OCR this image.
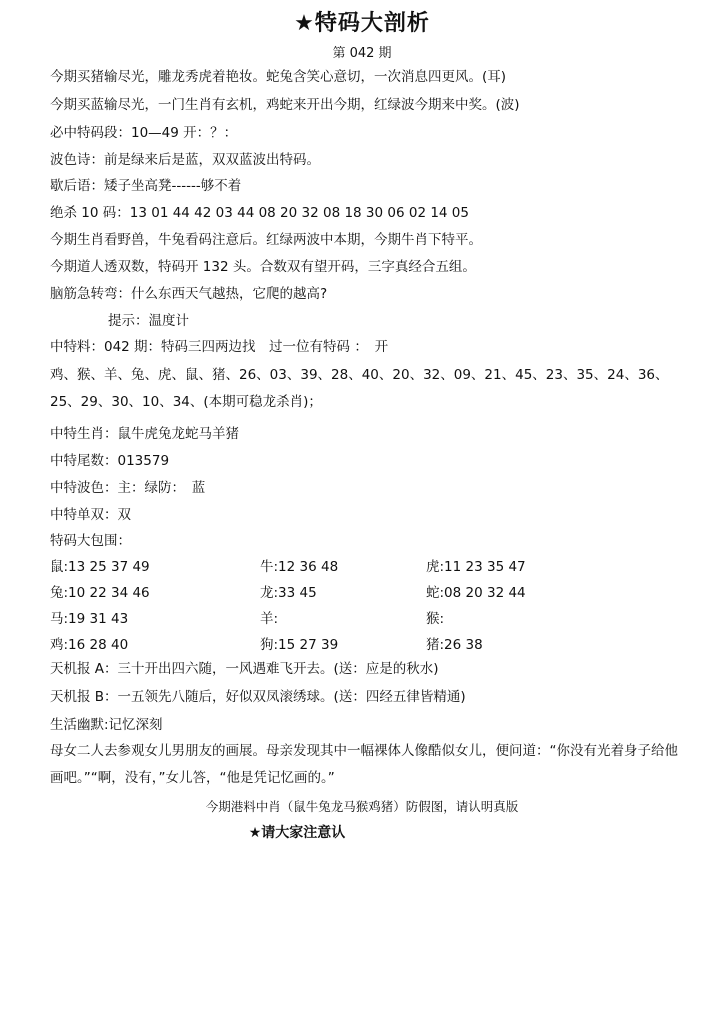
★特码大剖析
第 042 期
今期买猪输尽光，雕龙秀虎着艳妆。蛇兔含笑心意切，一次消息四更风。(耳)
今期买蓝输尽光，一门生肖有玄机，鸡蛇来开出今期，红绿波今期来中奖。(波)
必中特码段：10—49 开：？：
波色诗：前是绿来后是蓝，双双蓝波出特码。
歇后语：矮子坐高凳------够不着
绝杀 10 码：13 01 44 42 03 44 08 20 32 08 18 30 06 02 14 05
今期生肖看野兽，牛兔看码注意后。红绿两波中本期，今期牛肖下特平。
今期道人透双数，特码开 132 头。合数双有望开码，三字真经合五组。
脑筋急转弯：什么东西天气越热，它爬的越高?
提示：温度计
中特料：042 期：特码三四两边找　过一位有特码 ：　开
鸡、猴、羊、兔、虎、鼠、猪、26、03、39、28、40、20、32、09、21、45、23、35、24、36、
25、29、30、10、34、(本期可稳龙杀肖)；
中特生肖：鼠牛虎兔龙蛇马羊猪
中特尾数：013579
中特波色：主：绿防：　蓝
中特单双：双
特码大包围：
鼠:13 25 37 49	牛:12 36 48	虎:11 23 35 47
兔:10 22 34 46	龙:33 45	蛇:08 20 32 44
马:19 31 43	羊:	猴:
鸡:16 28 40	狗:15 27 39	猪:26 38
天机报 A：三十开出四六随，一风遇难飞开去。(送：应是的秋水)
天机报 B：一五领先八随后，好似双凤滚绣球。(送：四经五律皆精通)
生活幽默:记忆深刻
母女二人去参观女儿男朋友的画展。母亲发现其中一幅裸体人像酷似女儿，便问道：“你没有光着身子给他画吧。”“啊，没有，”女儿答，“他是凭记忆画的。”
今期港料中肖（鼠牛兔龙马猴鸡猪）防假图，请认明真版
★请大家注意认
